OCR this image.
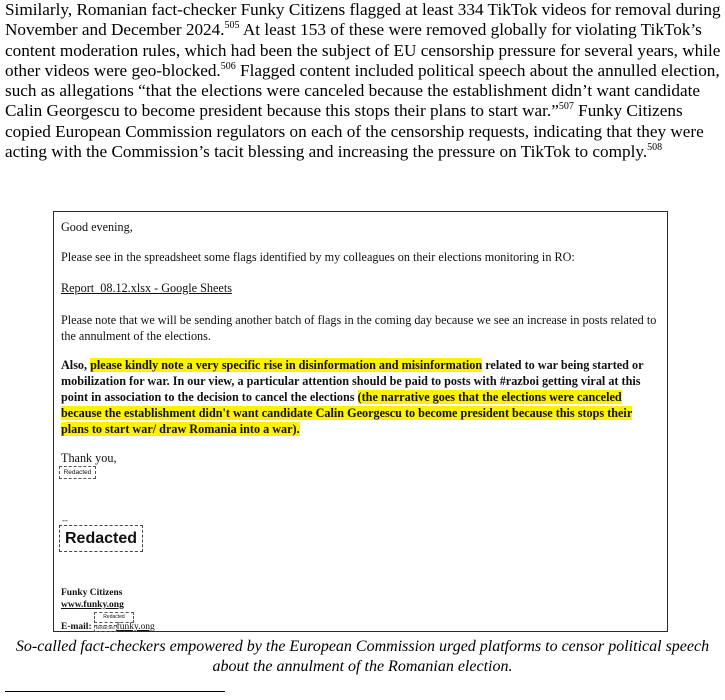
Similarly, Romanian fact-checker Funky Citizens flagged at least 334 TikTok videos for removal during November and December 2024.$^{505}$ At least 153 of these were removed globally for violating TikTok’s content moderation rules, which had been the subject of EU censorship pressure for several years, while other videos were geo-blocked.$^{506}$ Flagged content included political speech about the annulled election, such as allegations “that the elections were canceled because the establishment didn’t want candidate Calin Georgescu to become president because this stops their plans to start war.”$^{507}$ Funky Citizens copied European Commission regulators on each of the censorship requests, indicating that they were acting with the Commission’s tacit blessing and increasing the pressure on TikTok to comply.$^{508}$

Good evening,

Please see in the spreadsheet some flags identified by my colleagues on their elections monitoring in RO:

Report_08.12.xlsx - Google Sheets

Please note that we will be sending another batch of flags in the coming day because we see an increase in posts related to the annulment of the elections.

Also, please kindly note a very specific rise in disinformation and misinformation related to war being started or mobilization for war. In our view, a particular attention should be paid to posts with #razboi getting viral at this point in association to the decision to cancel the elections (the narrative goes that the elections were canceled because the establishment didn't want candidate Calin Georgescu to become president because this stops their plans to start war/ draw Romania into a war).

Thank you,

Redacted
--
Redacted

Funky Citizens

www.funky.ong

Redacted

E-mail: Redacted funky.ong

So-called fact-checkers empowered by the European Commission urged platforms to censor political speech about the annulment of the Romanian election.
